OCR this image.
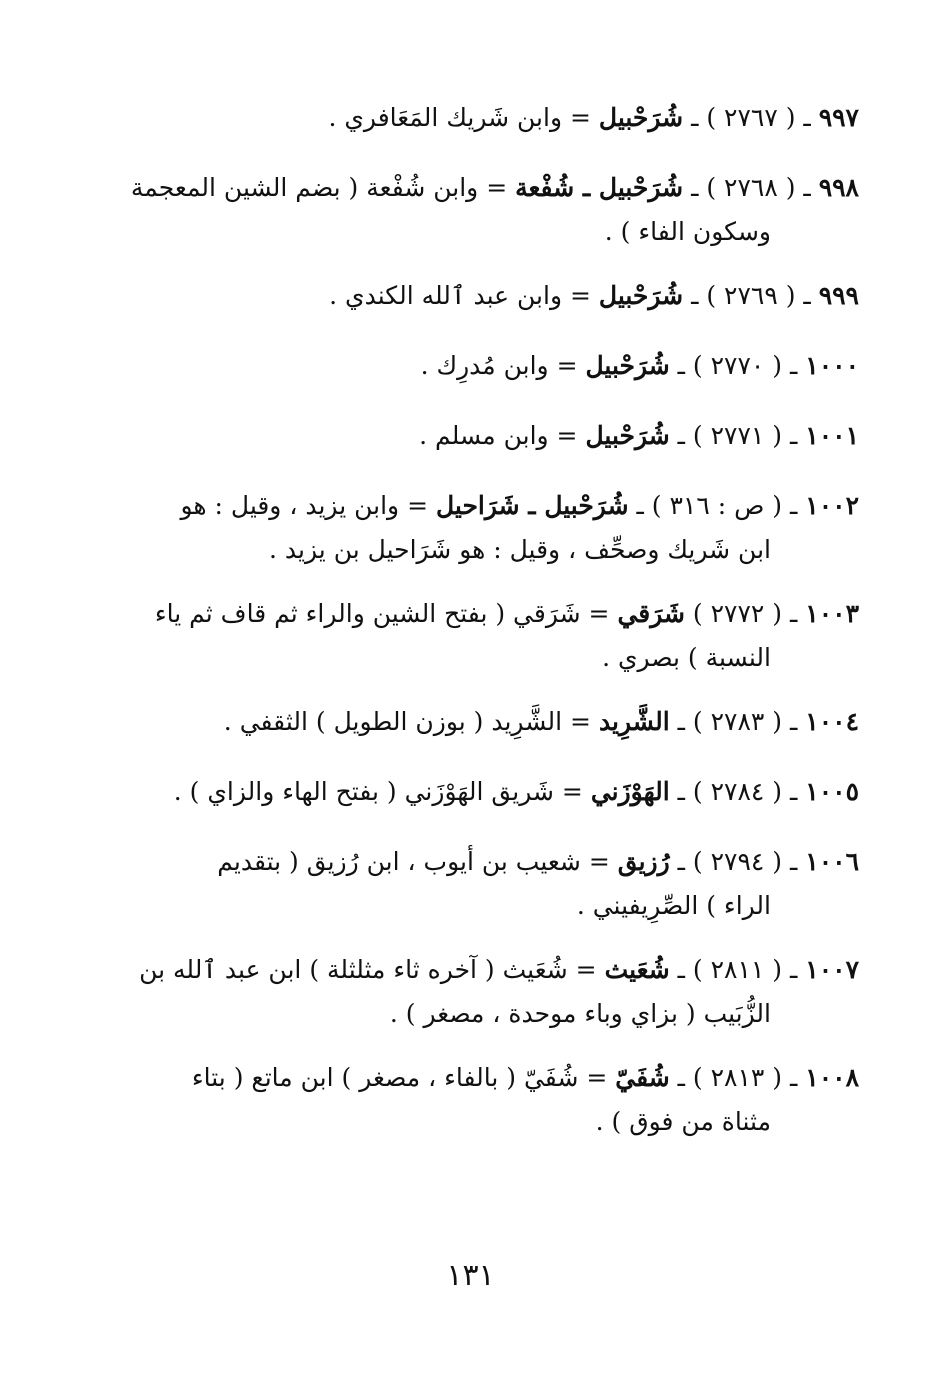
٩٩٧ ـ ( ٢٧٦٧ ) ـ شُرَحْبيل = وابن شَريك المَعَافري .
٩٩٨ ـ ( ٢٧٦٨ ) ـ شُرَحْبيل ـ شُفْعة = وابن شُفْعة ( بضم الشين المعجمة
وسكون الفاء ) .
٩٩٩ ـ ( ٢٧٦٩ ) ـ شُرَحْبيل = وابن عبد ٱلله الكندي .
١٠٠٠ ـ ( ٢٧٧٠ ) ـ شُرَحْبيل = وابن مُدرِك .
١٠٠١ ـ ( ٢٧٧١ ) ـ شُرَحْبيل = وابن مسلم .
١٠٠٢ ـ ( ص : ٣١٦ ) ـ شُرَحْبيل ـ شَرَاحيل = وابن يزيد ، وقيل : هو
ابن شَريك وصحِّف ، وقيل : هو شَرَاحيل بن يزيد .
١٠٠٣ ـ ( ٢٧٧٢ ) شَرَقي = شَرَقي ( بفتح الشين والراء ثم قاف ثم ياء
النسبة ) بصري .
١٠٠٤ ـ ( ٢٧٨٣ ) ـ الشَّرِيد = الشَّرِيد ( بوزن الطويل ) الثقفي .
١٠٠٥ ـ ( ٢٧٨٤ ) ـ الهَوْزَني = شَريق الهَوْزَني ( بفتح الهاء والزاي ) .
١٠٠٦ ـ ( ٢٧٩٤ ) ـ رُزيق = شعيب بن أيوب ، ابن رُزيق ( بتقديم
الراء ) الصِّرِيفيني .
١٠٠٧ ـ ( ٢٨١١ ) ـ شُعَيث = شُعَيث ( آخره ثاء مثلثلة ) ابن عبد ٱلله بن
الزُّبَيب ( بزاي وباء موحدة ، مصغر ) .
١٠٠٨ ـ ( ٢٨١٣ ) ـ شُفَيّ = شُفَيّ ( بالفاء ، مصغر ) ابن ماتع ( بتاء
مثناة من فوق ) .
١٣١
